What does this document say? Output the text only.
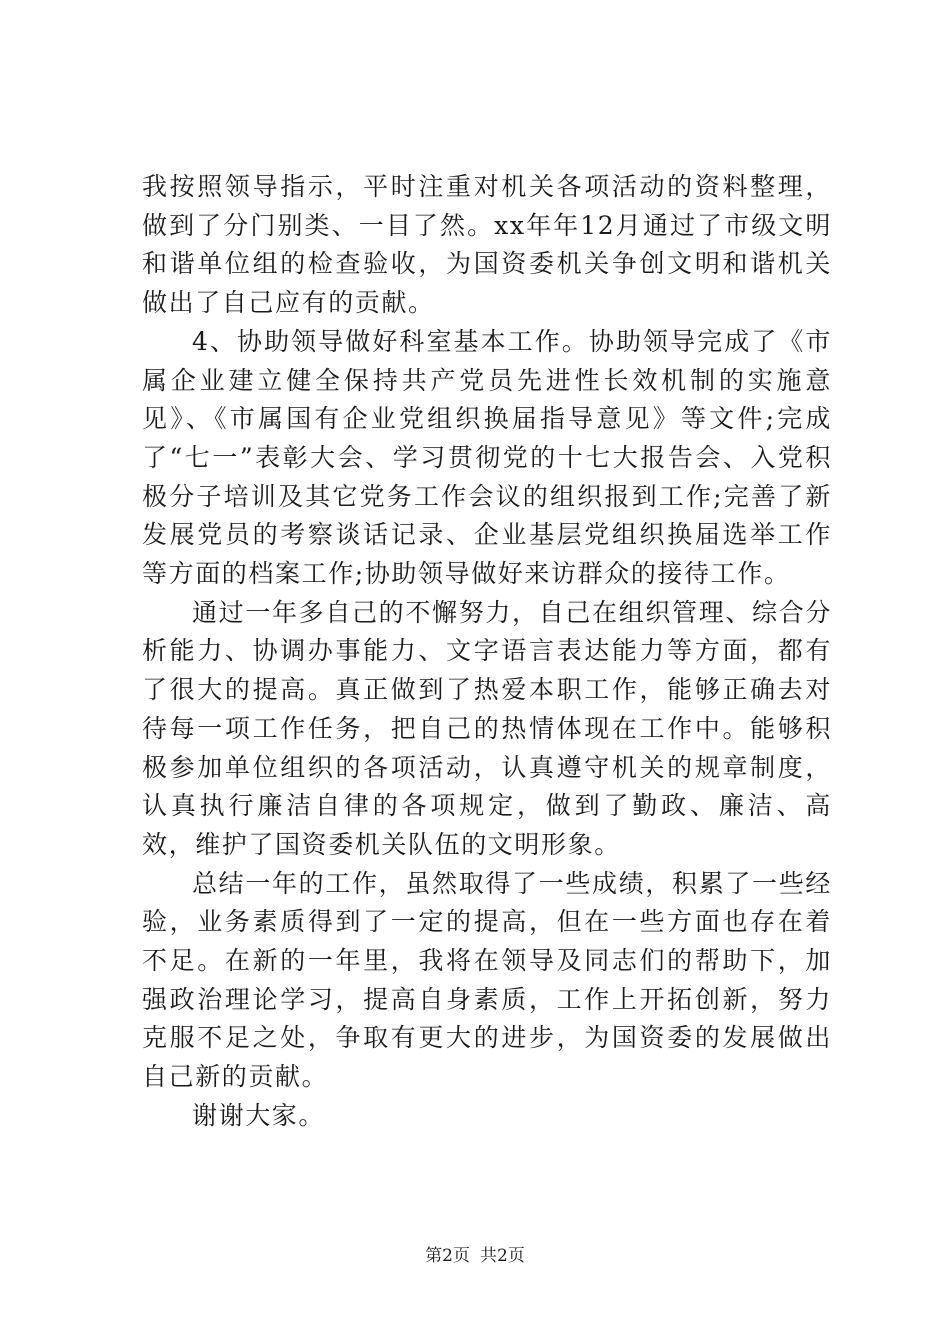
我按照领导指示，平时注重对机关各项活动的资料整理，做到了分门别类、一目了然。xx年年12月通过了市级文明和谐单位组的检查验收，为国资委机关争创文明和谐机关做出了自己应有的贡献。

4、协助领导做好科室基本工作。协助领导完成了《市属企业建立健全保持共产党员先进性长效机制的实施意见》、《市属国有企业党组织换届指导意见》等文件;完成了“七一”表彰大会、学习贯彻党的十七大报告会、入党积极分子培训及其它党务工作会议的组织报到工作;完善了新发展党员的考察谈话记录、企业基层党组织换届选举工作等方面的档案工作;协助领导做好来访群众的接待工作。

通过一年多自己的不懈努力，自己在组织管理、综合分析能力、协调办事能力、文字语言表达能力等方面，都有了很大的提高。真正做到了热爱本职工作，能够正确去对待每一项工作任务，把自己的热情体现在工作中。能够积极参加单位组织的各项活动，认真遵守机关的规章制度，认真执行廉洁自律的各项规定，做到了勤政、廉洁、高效，维护了国资委机关队伍的文明形象。

总结一年的工作，虽然取得了一些成绩，积累了一些经验，业务素质得到了一定的提高，但在一些方面也存在着不足。在新的一年里，我将在领导及同志们的帮助下，加强政治理论学习，提高自身素质，工作上开拓创新，努力克服不足之处，争取有更大的进步，为国资委的发展做出自己新的贡献。

谢谢大家。

第2页 共2页
